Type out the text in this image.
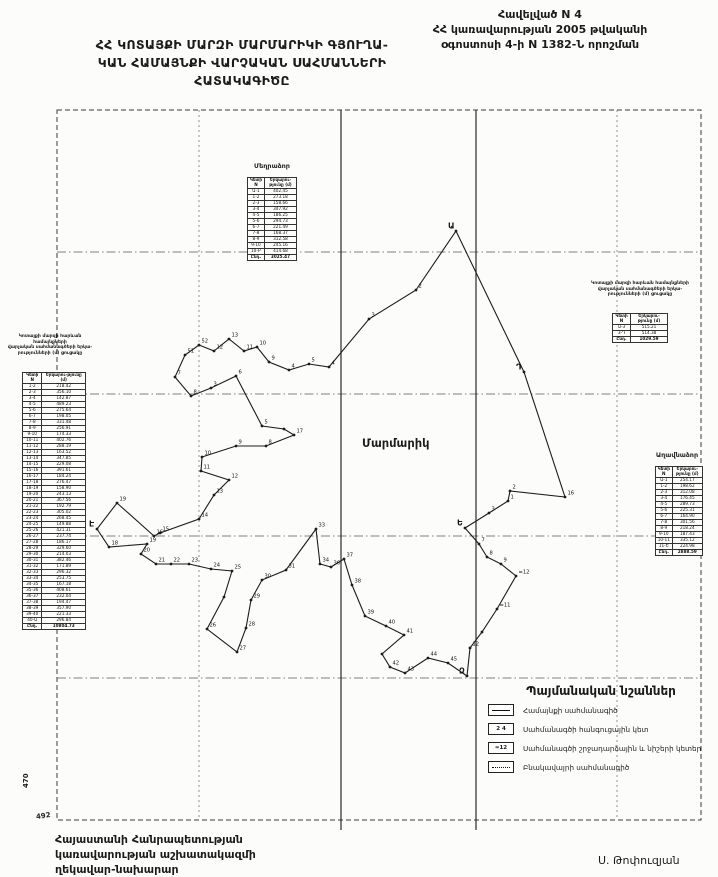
Հավելված N 4
ՀՀ կառավարության 2005 թվականի
օգոստոսի 4-ի N 1382-Ն որոշման
ՀՀ ԿՈՏԱՅՔԻ ՄԱՐԶԻ ՄԱՐՄԱՐԻԿԻ ԳՅՈՒՂԱ-
ԿԱՆ ՀԱՄԱՅՆՔԻ ՎԱՐՉԱԿԱՆ ՍԱՀՄԱՆՆԵՐԻ
ՀԱՏԱԿԱԳԻԾԸ
Ա
Դ
16
2
1
3
Ե
7
8
9
=12
=11
12
Զ
45
44
43
42
41
40
39
38
37
36
34
33
31
30
29
28
27
26
25
24
23
22
21
20
19
18
Է
19
16 15
14
13
12
11
10
9	8
17
5
6
3
8
7
51
52
12
13
11
10
9
4
5	4
3
2
Մարմարիկ
Կոտայքի մարզի հարևան համայնքների
վարչական սահմանագծերի երկա-
րությունների (մ) ցուցակը
Կետի N	Երկարու-թյունը (մ)
1-2	218.42
2-3	356.10
3-4	142.87
4-5	489.23
5-6	275.64
6-7	198.05
7-8	331.48
8-9	256.91
9-10	174.33
10-11	402.76
11-12	288.19
12-13	163.52
13-14	347.85
14-15	229.08
15-16	391.61
16-17	184.24
17-18	276.47
18-19	158.90
19-20	243.13
20-21	367.56
21-22	192.79
22-23	305.02
23-24	268.45
24-25	149.88
25-26	421.31
26-27	237.74
27-28	186.17
28-29	329.60
29-30	214.03
30-31	382.46
31-32	171.89
32-33	296.32
33-34	253.75
34-35	167.18
35-36	408.61
36-37	232.04
37-38	194.47
38-39	357.90
39-40	221.33
40-Ա	296.84
Ընդ.	10804.73
Մեղրաձոր
Կետի N	Երկարու-թյունը (մ)
Ա-1	402.45
1-2	273.18
2-3	158.66
3-4	347.92
4-5	186.25
5-6	294.73
6-7	221.49
7-8	168.37
8-9	312.58
9-10	245.16
10-Բ	414.68
Ընդ.	3025.47
Կոտայքի մարզի հարևան համայնքների
վարչական սահմանագծերի երկա-
րությունների (մ) ցուցակը
Կետի N	Երկարու-թյունը (մ)
Ա-3	515.21
3-Դ	514.38
Ընդ.	1029.59
Աղավնաձոր
Կետի N	Երկարու-թյունը (մ)
Ա-1	254.17
1-2	198.62
2-3	312.08
3-4	176.45
4-5	289.73
5-6	225.31
6-7	164.90
7-8	301.56
8-9	218.24
9-10	187.43
10-11	335.12
11-Ե	224.98
Ընդ.	2888.59
Պայմանական նշաններ
Համայնքի սահմանագիծ
2 4	Սահմանագծի հանգուցային կետ
=12	Սահմանագծի շրջադարձային և նիշերի կետեր
Բնակավայրի սահմանագիծ
470
492
Հայաստանի Հանրապետության
կառավարության աշխատակազմի
ղեկավար-նախարար
Ս. Թոփուզյան
